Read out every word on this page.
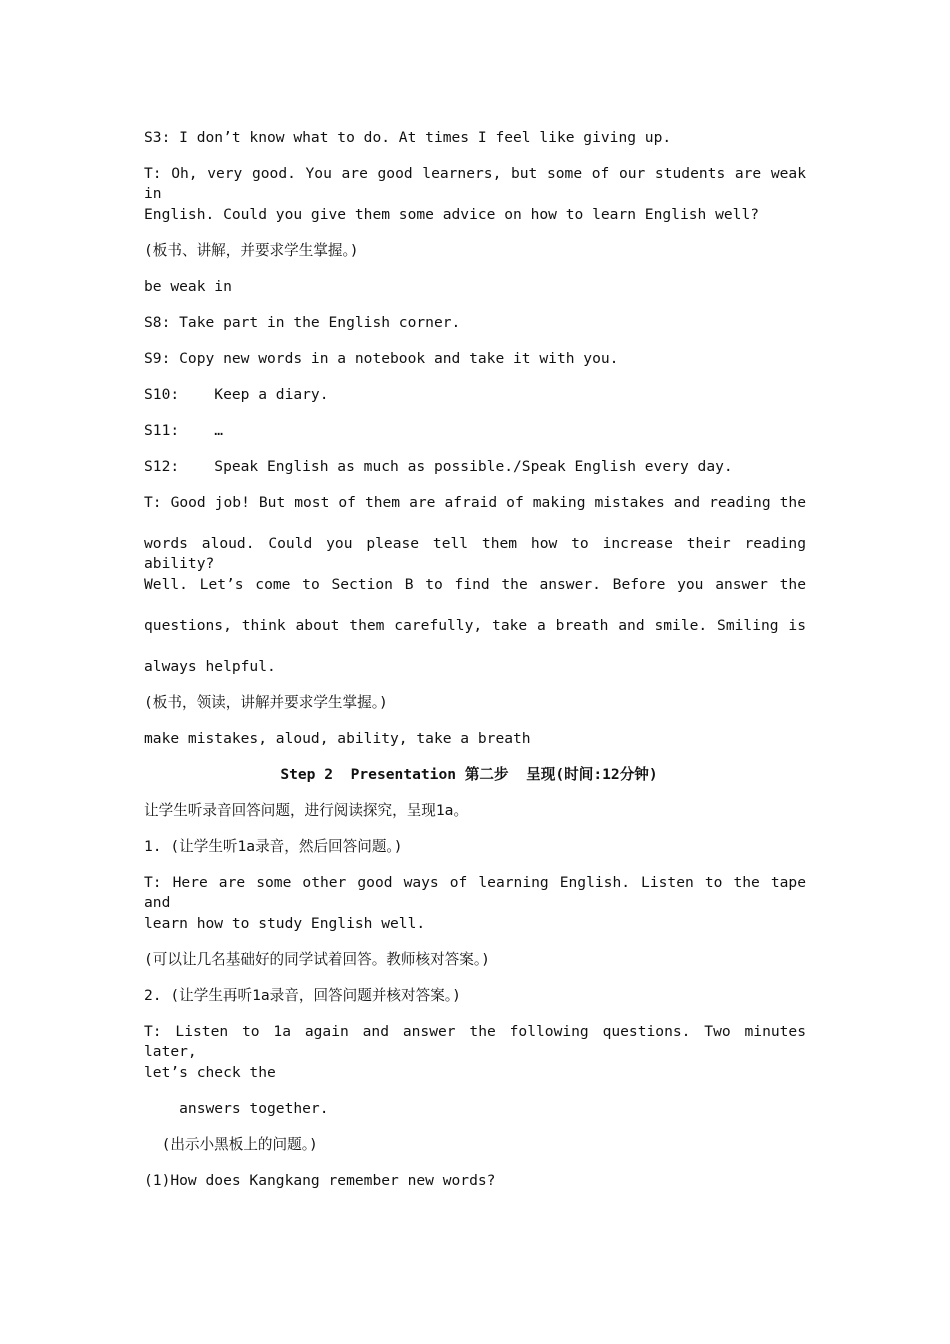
S3: I don’t know what to do. At times I feel like giving up.
T: Oh, very good. You are good learners, but some of our students are weak in
English. Could you give them some advice on how to learn English well?
(板书、讲解，并要求学生掌握。)
be weak in
S8: Take part in the English corner.
S9: Copy new words in a notebook and take it with you.
S10:    Keep a diary.
S11:    …
S12:    Speak English as much as possible./Speak English every day.
T: Good job! But most of them are afraid of making mistakes and reading the
words aloud. Could you please tell them how to increase their reading ability?
Well. Let’s come to Section B to find the answer. Before you answer the
questions, think about them carefully, take a breath and smile. Smiling is
always helpful.
(板书，领读，讲解并要求学生掌握。)
make mistakes, aloud, ability, take a breath
Step 2  Presentation 第二步  呈现(时间:12分钟)
让学生听录音回答问题，进行阅读探究，呈现1a。
1. (让学生听1a录音，然后回答问题。)
T: Here are some other good ways of learning English. Listen to the tape and
learn how to study English well.
(可以让几名基础好的同学试着回答。教师核对答案。)
2. (让学生再听1a录音，回答问题并核对答案。)
T: Listen to 1a again and answer the following questions. Two minutes later,
let’s check the
answers together.
(出示小黑板上的问题。)
(1)How does Kangkang remember new words?
